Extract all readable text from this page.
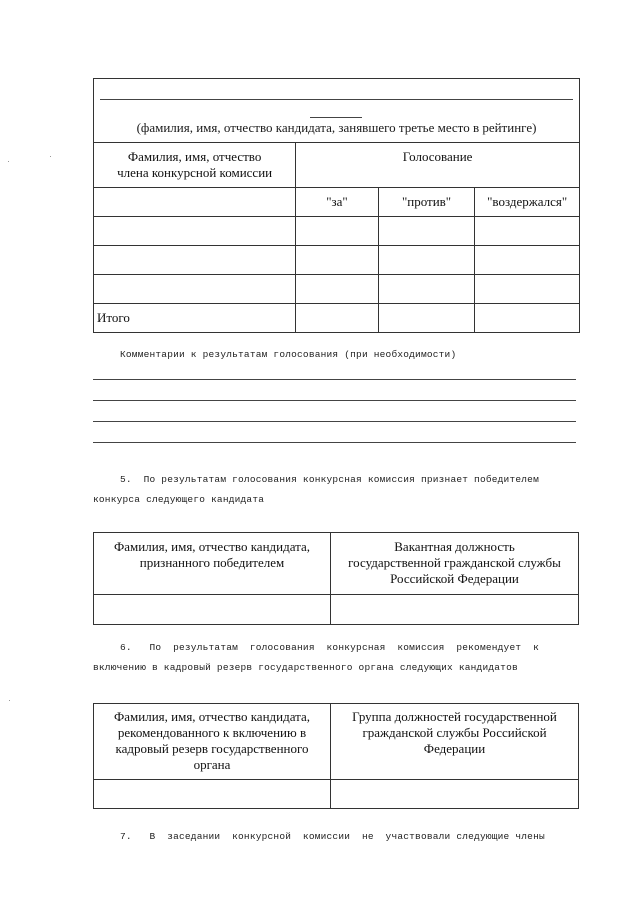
(фамилия, имя, отчество кандидата, занявшего третье место в рейтинге)
Фамилия, имя, отчество члена конкурсной комиссии	Голосование		
	"за"	"против"	"воздержался"

Итого			
Комментарии к результатам голосования (при необходимости)
5.  По результатам голосования конкурсная комиссия признает победителем
конкурса следующего кандидата
Фамилия, имя, отчество кандидата, признанного победителем	Вакантная должность государственной гражданской службы Российской Федерации

6.   По  результатам  голосования  конкурсная  комиссия  рекомендует  к
включению в кадровый резерв государственного органа следующих кандидатов
Фамилия, имя, отчество кандидата, рекомендованного к включению в кадровый резерв государственного органа	Группа должностей государственной гражданской службы Российской Федерации

7.   В  заседании  конкурсной  комиссии  не  участвовали следующие члены
